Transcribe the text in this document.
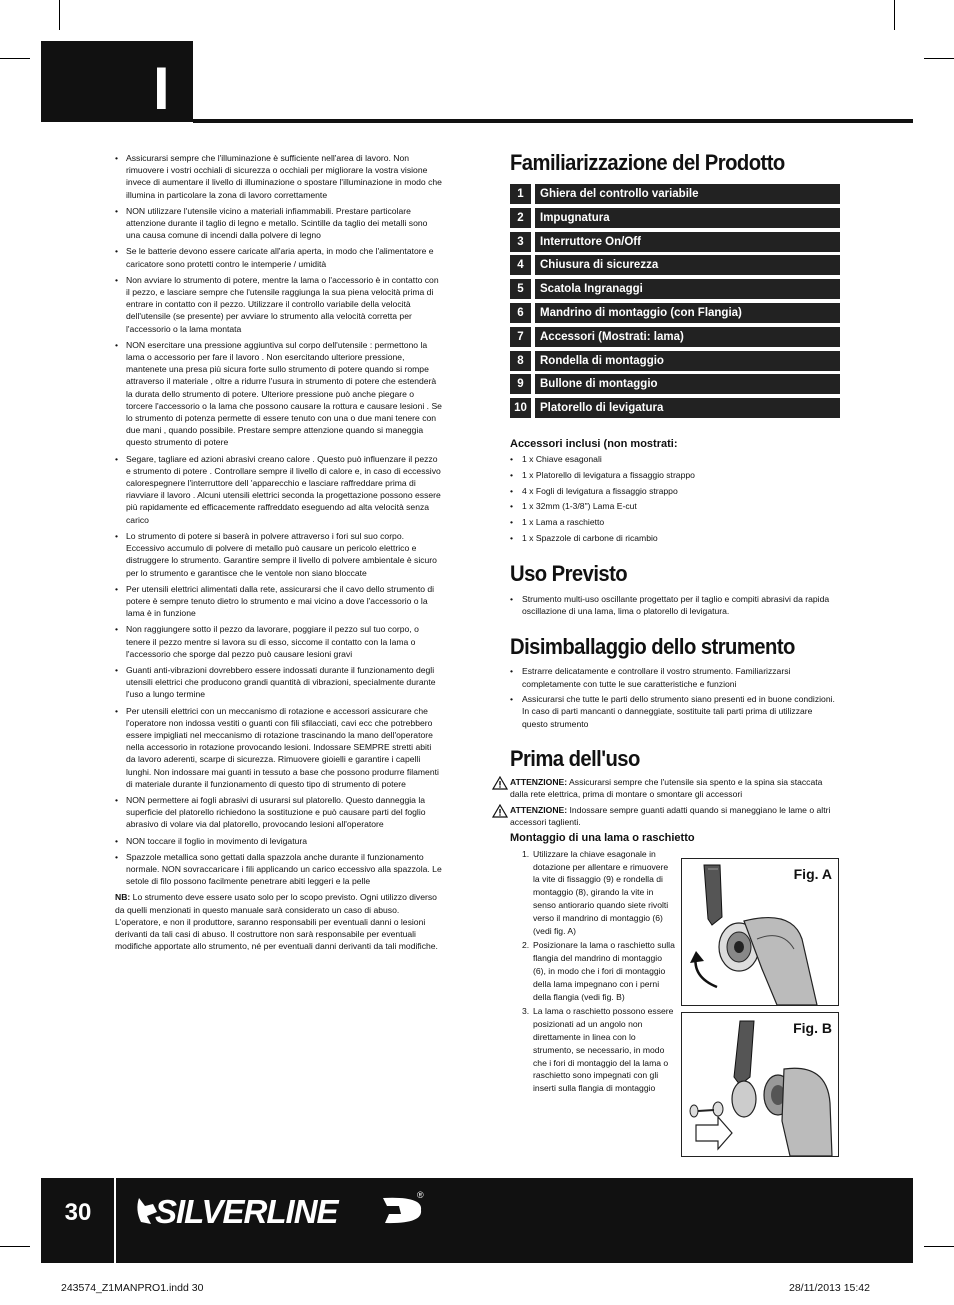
I
• Assicurarsi sempre che l'illuminazione è sufficiente nell'area di lavoro. Non rimuovere i vostri occhiali di sicurezza o occhiali per migliorare la vostra visione invece di aumentare il livello di illuminazione o spostare l'illuminazione in modo che illumina in particolare la zona di lavoro correttamente
• NON utilizzare l'utensile vicino a materiali infiammabili. Prestare particolare attenzione durante il taglio di legno e metallo. Scintille da taglio dei metalli sono una causa comune di incendi dalla polvere di legno
• Se le batterie devono essere caricate all'aria aperta, in modo che l'alimentatore e caricatore sono protetti contro le intemperie / umidità
• Non avviare lo strumento di potere, mentre la lama o l'accessorio è in contatto con il pezzo, e lasciare sempre che l'utensile raggiunga la sua piena velocità prima di entrare in contatto con il pezzo. Utilizzare il controllo variabile della velocità dell'utensile (se presente) per avviare lo strumento alla velocità corretta per l'accessorio o la lama montata
• NON esercitare una pressione aggiuntiva sul corpo dell'utensile : permettono la lama o accessorio per fare il lavoro . Non esercitando ulteriore pressione, mantenete una presa più sicura forte sullo strumento di potere quando si rompe attraverso il materiale , oltre a ridurre l'usura in strumento di potere che estenderà la durata dello strumento di potere. Ulteriore pressione può anche piegare o torcere l'accessorio o la lama che possono causare la rottura e causare lesioni . Se lo strumento di potenza permette di essere tenuto con una o due mani tenere con due mani , quando possibile. Prestare sempre attenzione quando si maneggia questo strumento di potere
• Segare, tagliare ed azioni abrasivi creano calore . Questo può influenzare il pezzo e strumento di potere . Controllare sempre il livello di calore e, in caso di eccessivo calorespegnere l'interruttore dell 'apparecchio e lasciare raffreddare prima di riavviare il lavoro . Alcuni utensili elettrici seconda la progettazione possono essere più rapidamente ed efficacemente raffreddato eseguendo ad alta velocità senza carico
• Lo strumento di potere si baserà in polvere attraverso i fori sul suo corpo. Eccessivo accumulo di polvere di metallo può causare un pericolo elettrico e distruggere lo strumento. Garantire sempre il livello di polvere ambientale è sicuro per lo strumento e garantisce che le ventole non siano bloccate
• Per utensili elettrici alimentati dalla rete, assicurarsi che il cavo dello strumento di potere è sempre tenuto dietro lo strumento e mai vicino a dove l'accessorio o la lama è in funzione
• Non raggiungere sotto il pezzo da lavorare, poggiare il pezzo sul tuo corpo, o tenere il pezzo mentre si lavora su di esso, siccome il contatto con la lama o l'accessorio che sporge dal pezzo può causare lesioni gravi
• Guanti anti-vibrazioni dovrebbero essere indossati durante il funzionamento degli utensili elettrici che producono grandi quantità di vibrazioni, specialmente durante l'uso a lungo termine
• Per utensili elettrici con un meccanismo di rotazione e accessori assicurare che l'operatore non indossa vestiti o guanti con fili sfilacciati, cavi ecc che potrebbero essere impigliati nel meccanismo di rotazione trascinando la mano dell'operatore nella accessorio in rotazione provocando lesioni. Indossare SEMPRE stretti abiti da lavoro aderenti, scarpe di sicurezza. Rimuovere gioielli e garantire i capelli lunghi. Non indossare mai guanti in tessuto a base che possono produrre filamenti di materiale durante il funzionamento di questo tipo di strumento di potere
• NON permettere ai fogli abrasivi di usurarsi sul platorello. Questo danneggia la superficie del platorello richiedono la sostituzione e può causare parti del foglio abrasivo di volare via dal platorello, provocando lesioni all'operatore
• NON toccare il foglio in movimento di levigatura
• Spazzole metallica sono gettati dalla spazzola anche durante il funzionamento normale. NON sovraccaricare i fili applicando un carico eccessivo alla spazzola. Le setole di filo possono facilmente penetrare abiti leggeri e la pelle
NB: Lo strumento deve essere usato solo per lo scopo previsto. Ogni utilizzo diverso da quelli menzionati in questo manuale sarà considerato un caso di abuso. L'operatore, e non il produttore, saranno responsabili per eventuali danni o lesioni derivanti da tali casi di abuso. Il costruttore non sarà responsabile per eventuali modifiche apportate allo strumento, né per eventuali danni derivanti da tali modifiche.
Familiarizzazione del Prodotto
1	Ghiera del controllo variabile
2	Impugnatura
3	Interruttore On/Off
4	Chiusura di sicurezza
5	Scatola Ingranaggi
6	Mandrino di montaggio (con Flangia)
7	Accessori (Mostrati: lama)
8	Rondella di montaggio
9	Bullone di montaggio
10	Platorello di levigatura
Accessori inclusi (non mostrati:
• 1 x Chiave esagonali
• 1 x Platorello di levigatura a fissaggio strappo
• 4 x Fogli di levigatura a fissaggio strappo
• 1 x 32mm (1-3/8") Lama E-cut
• 1 x Lama a raschietto
• 1 x Spazzole di carbone di ricambio
Uso Previsto
• Strumento multi-uso oscillante progettato per il taglio e compiti abrasivi da rapida oscillazione di una lama, lima o platorello di levigatura.
Disimballaggio dello strumento
• Estrarre delicatamente e controllare il vostro strumento. Familiarizzarsi completamente con tutte le sue caratteristiche e funzioni
• Assicurarsi che tutte le parti dello strumento siano presenti ed in buone condizioni. In caso di parti mancanti o danneggiate, sostituite tali parti prima di utilizzare questo strumento
Prima dell'uso
ATTENZIONE: Assicurarsi sempre che l'utensile sia spento e la spina sia staccata dalla rete elettrica, prima di montare o smontare gli accessori
ATTENZIONE: Indossare sempre guanti adatti quando si maneggiano le lame o altri accessori taglienti.
Montaggio di una lama o raschietto
1. Utilizzare la chiave esagonale in dotazione per allentare e rimuovere la vite di fissaggio (9) e rondella di montaggio (8), girando la vite in senso antiorario quando siete rivolti verso il mandrino di montaggio (6) (vedi fig. A)
2. Posizionare la lama o raschietto sulla flangia del mandrino di montaggio (6), in modo che i fori di montaggio della lama impegnano con i perni della flangia (vedi fig. B)
3. La lama o raschietto possono essere posizionati ad un angolo non direttamente in linea con lo strumento, se necessario, in modo che i fori di montaggio del la lama o raschietto sono impegnati con gli inserti sulla flangia di montaggio
Fig. A
Fig. B
30	SILVERLINE	®
243574_Z1MANPRO1.indd 30	28/11/2013 15:42
